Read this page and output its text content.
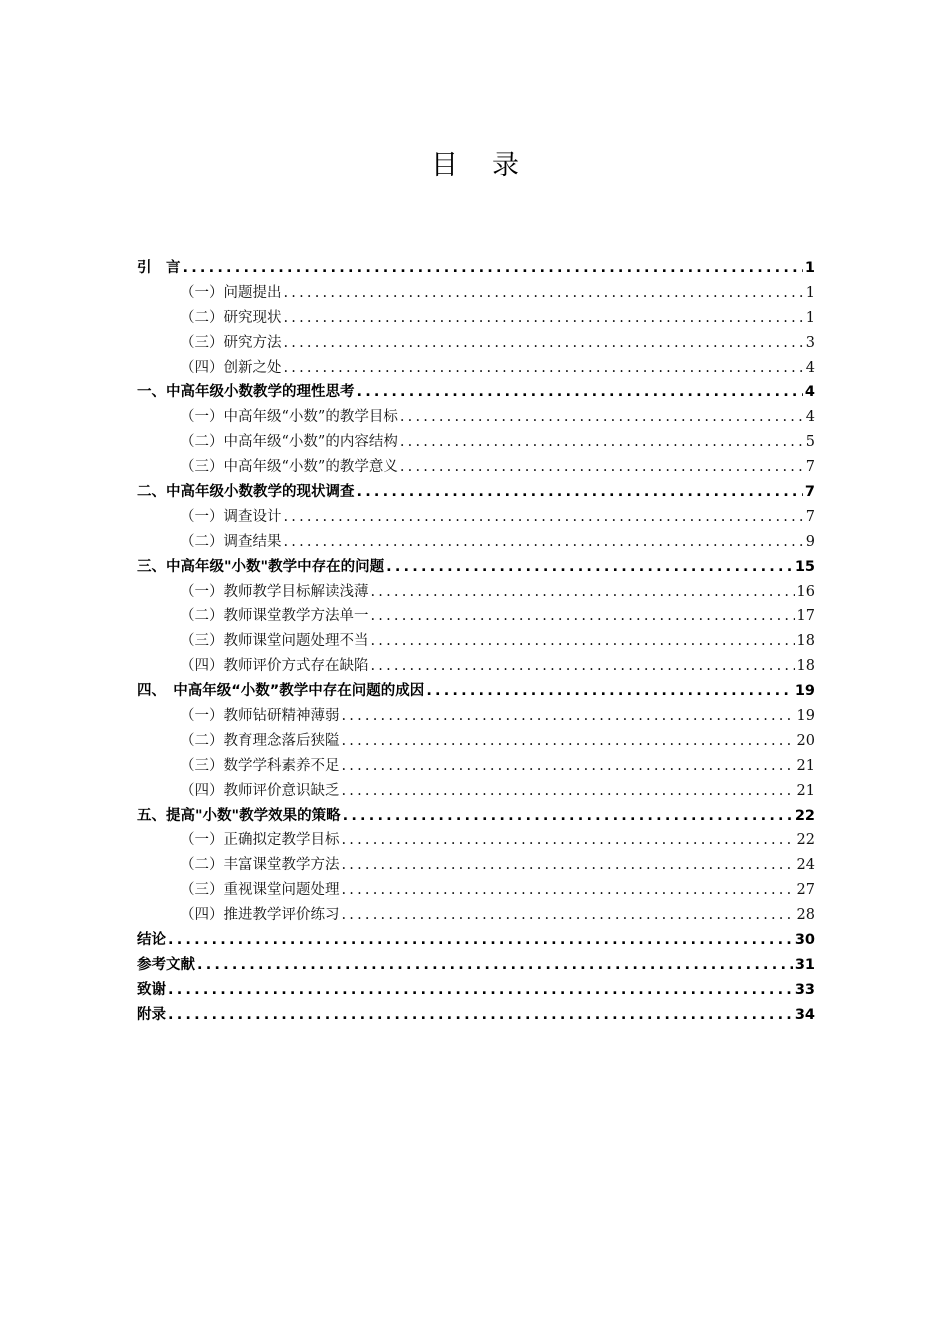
目录
引　言 .....	1
（一）问题提出 .....	1
（二）研究现状 .....	1
（三）研究方法 .....	3
（四）创新之处 .....	4
一、中高年级小数教学的理性思考 .....	4
（一）中高年级“小数”的教学目标 .....	4
（二）中高年级“小数”的内容结构 .....	5
（三）中高年级“小数”的教学意义 .....	7
二、中高年级小数教学的现状调查 .....	7
（一）调查设计 .....	7
（二）调查结果 .....	9
三、中高年级"小数"教学中存在的问题 .....	15
（一）教师教学目标解读浅薄 .....	16
（二）教师课堂教学方法单一 .....	17
（三）教师课堂问题处理不当 .....	18
（四）教师评价方式存在缺陷 .....	18
四、　中高年级“小数”教学中存在问题的成因 .....	19
（一）教师钻研精神薄弱 .....	19
（二）教育理念落后狭隘 .....	20
（三）数学学科素养不足 .....	21
（四）教师评价意识缺乏 .....	21
五、提高"小数"教学效果的策略 .....	22
（一）正确拟定教学目标 .....	22
（二）丰富课堂教学方法 .....	24
（三）重视课堂问题处理 .....	27
（四）推进教学评价练习 .....	28
结论 .....	30
参考文献 .....	31
致谢 .....	33
附录 .....	34
